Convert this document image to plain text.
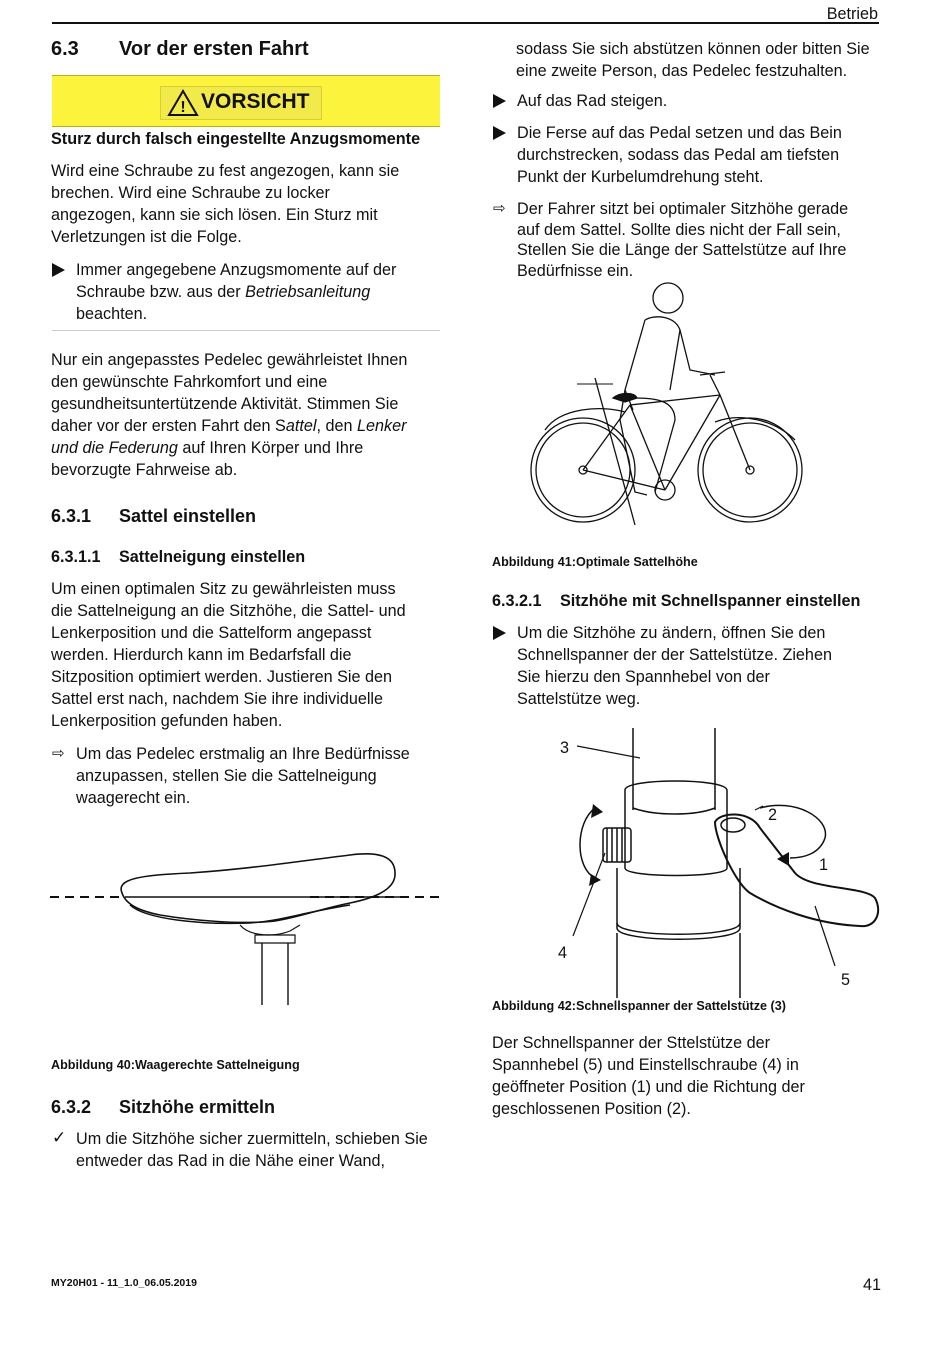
Betrieb
6.3 Vor der ersten Fahrt
! VORSICHT
Sturz durch falsch eingestellte Anzugsmomente
Wird eine Schraube zu fest angezogen, kann sie
brechen. Wird eine Schraube zu locker
angezogen, kann sie sich lösen. Ein Sturz mit
Verletzungen ist die Folge.
Immer angegebene Anzugsmomente auf der
Schraube bzw. aus der Betriebsanleitung
beachten.
Nur ein angepasstes Pedelec gewährleistet Ihnen
den gewünschte Fahrkomfort und eine
gesundheitsuntertützende Aktivität. Stimmen Sie
daher vor der ersten Fahrt den Sattel, den Lenker
und die Federung auf Ihren Körper und Ihre
bevorzugte Fahrweise ab.
6.3.1 Sattel einstellen
6.3.1.1 Sattelneigung einstellen
Um einen optimalen Sitz zu gewährleisten muss
die Sattelneigung an die Sitzhöhe, die Sattel- und
Lenkerposition und die Sattelform angepasst
werden. Hierdurch kann im Bedarfsfall die
Sitzposition optimiert werden. Justieren Sie den
Sattel erst nach, nachdem Sie ihre individuelle
Lenkerposition gefunden haben.
⇨ Um das Pedelec erstmalig an Ihre Bedürfnisse
anzupassen, stellen Sie die Sattelneigung
waagerecht ein.
Abbildung 40:Waagerechte Sattelneigung
6.3.2 Sitzhöhe ermitteln
✓ Um die Sitzhöhe sicher zuermitteln, schieben Sie
entweder das Rad in die Nähe einer Wand,
sodass Sie sich abstützen können oder bitten Sie
eine zweite Person, das Pedelec festzuhalten.
Auf das Rad steigen.
Die Ferse auf das Pedal setzen und das Bein
durchstrecken, sodass das Pedal am tiefsten
Punkt der Kurbelumdrehung steht.
⇨ Der Fahrer sitzt bei optimaler Sitzhöhe gerade
auf dem Sattel. Sollte dies nicht der Fall sein,
Stellen Sie die Länge der Sattelstütze auf Ihre
Bedürfnisse ein.
Abbildung 41:Optimale Sattelhöhe
6.3.2.1 Sitzhöhe mit Schnellspanner einstellen
Um die Sitzhöhe zu ändern, öffnen Sie den
Schnellspanner der der Sattelstütze. Ziehen
Sie hierzu den Spannhebel von der
Sattelstütze weg.
3
2
1
4
5
Abbildung 42:Schnellspanner der Sattelstütze (3)
Der Schnellspanner der Sttelstütze der
Spannhebel (5) und Einstellschraube (4) in
geöffneter Position (1) und die Richtung der
geschlossenen Position (2).
MY20H01 - 11_1.0_06.05.2019	41
